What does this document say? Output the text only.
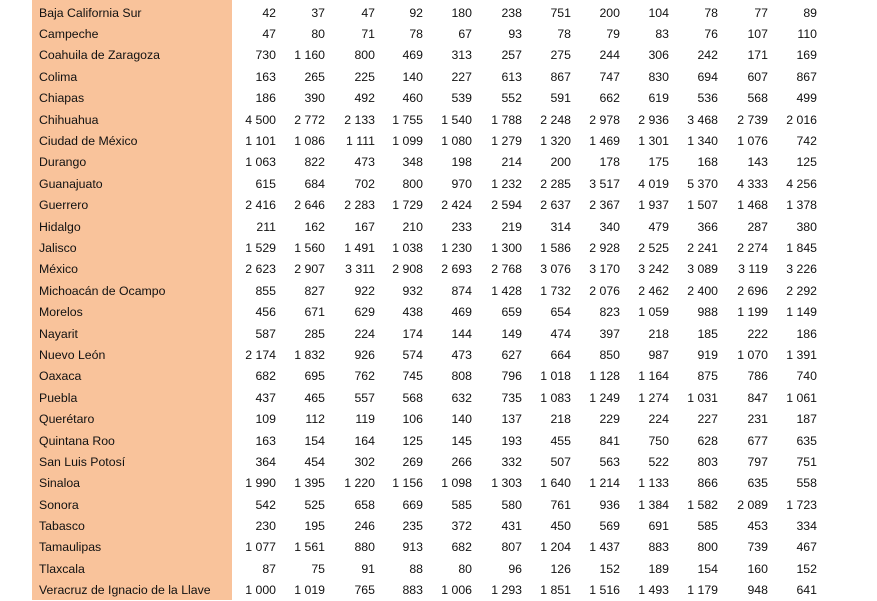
Baja California Sur	42	37	47	92	180	238	751	200	104	78	77	89
Campeche	47	80	71	78	67	93	78	79	83	76	107	110
Coahuila de Zaragoza	730	1 160	800	469	313	257	275	244	306	242	171	169
Colima	163	265	225	140	227	613	867	747	830	694	607	867
Chiapas	186	390	492	460	539	552	591	662	619	536	568	499
Chihuahua	4 500	2 772	2 133	1 755	1 540	1 788	2 248	2 978	2 936	3 468	2 739	2 016
Ciudad de México	1 101	1 086	1 111	1 099	1 080	1 279	1 320	1 469	1 301	1 340	1 076	742
Durango	1 063	822	473	348	198	214	200	178	175	168	143	125
Guanajuato	615	684	702	800	970	1 232	2 285	3 517	4 019	5 370	4 333	4 256
Guerrero	2 416	2 646	2 283	1 729	2 424	2 594	2 637	2 367	1 937	1 507	1 468	1 378
Hidalgo	211	162	167	210	233	219	314	340	479	366	287	380
Jalisco	1 529	1 560	1 491	1 038	1 230	1 300	1 586	2 928	2 525	2 241	2 274	1 845
México	2 623	2 907	3 311	2 908	2 693	2 768	3 076	3 170	3 242	3 089	3 119	3 226
Michoacán de Ocampo	855	827	922	932	874	1 428	1 732	2 076	2 462	2 400	2 696	2 292
Morelos	456	671	629	438	469	659	654	823	1 059	988	1 199	1 149
Nayarit	587	285	224	174	144	149	474	397	218	185	222	186
Nuevo León	2 174	1 832	926	574	473	627	664	850	987	919	1 070	1 391
Oaxaca	682	695	762	745	808	796	1 018	1 128	1 164	875	786	740
Puebla	437	465	557	568	632	735	1 083	1 249	1 274	1 031	847	1 061
Querétaro	109	112	119	106	140	137	218	229	224	227	231	187
Quintana Roo	163	154	164	125	145	193	455	841	750	628	677	635
San Luis Potosí	364	454	302	269	266	332	507	563	522	803	797	751
Sinaloa	1 990	1 395	1 220	1 156	1 098	1 303	1 640	1 214	1 133	866	635	558
Sonora	542	525	658	669	585	580	761	936	1 384	1 582	2 089	1 723
Tabasco	230	195	246	235	372	431	450	569	691	585	453	334
Tamaulipas	1 077	1 561	880	913	682	807	1 204	1 437	883	800	739	467
Tlaxcala	87	75	91	88	80	96	126	152	189	154	160	152
Veracruz de Ignacio de la Llave	1 000	1 019	765	883	1 006	1 293	1 851	1 516	1 493	1 179	948	641
